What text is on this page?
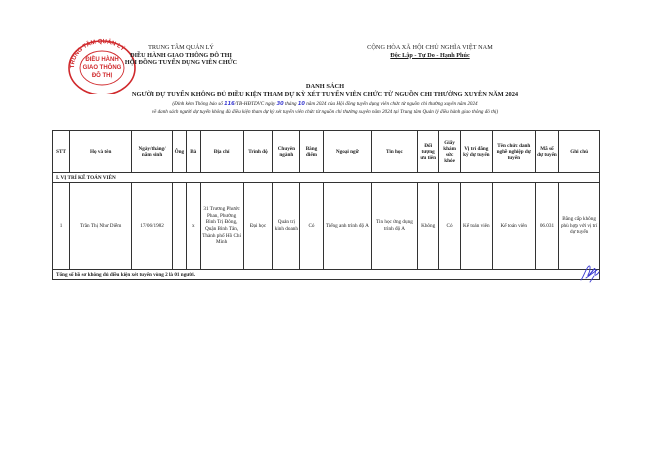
TRUNG TÂM QUẢN LÝ
ĐIỀU HÀNH
GIAO THÔNG
ĐÔ THỊ
TRUNG TÂM QUẢN LÝ
ĐIỀU HÀNH GIAO THÔNG ĐÔ THỊ
HỘI ĐỒNG TUYỂN DỤNG VIÊN CHỨC
CỘNG HÒA XÃ HỘI CHỦ NGHĨA VIỆT NAM
Độc Lập - Tự Do - Hạnh Phúc
DANH SÁCH
NGƯỜI DỰ TUYỂN KHÔNG ĐỦ ĐIỀU KIỆN THAM DỰ KỲ XÉT TUYỂN VIÊN CHỨC TỪ NGUỒN CHI THƯỜNG XUYÊN NĂM 2024
(Đính kèm Thông báo số 116/TB-HĐTDVC ngày 30 tháng 10 năm 2024 của Hội đồng tuyển dụng viên chức từ nguồn chi thường xuyên năm 2024
về danh sách người dự tuyển không đủ điều kiện tham dự kỳ xét tuyển viên chức từ nguồn chi thường xuyên năm 2024 tại Trung tâm Quản lý điều hành giao thông đô thị)
STT	Họ và tên	Ngày/tháng/ năm sinh	Ông	Bà	Địa chỉ	Trình độ	Chuyên ngành	Bằng điểm	Ngoại ngữ	Tin học	Đối tượng ưu tiên	Giấy khám sức khỏe	Vị trí đăng ký dự tuyển	Tên chức danh nghề nghiệp dự tuyển	Mã số dự tuyển	Ghi chú
I. VỊ TRÍ KẾ TOÁN VIÊN																
1	Trần Thị Như Diễm	17/06/1982		x	31 Trương Phước Phan, Phường Bình Trị Đông, Quận Bình Tân, Thành phố Hồ Chí Minh	Đại học	Quản trị kinh doanh	Có	Tiếng anh trình độ A	Tin học ứng dụng trình độ A	Không	Có	Kế toán viên	Kế toán viên	06.031	Bằng cấp không phù hợp với vị trí dự tuyển
Tổng số hồ sơ không đủ điều kiện xét tuyển vòng 2 là 01 người.																
